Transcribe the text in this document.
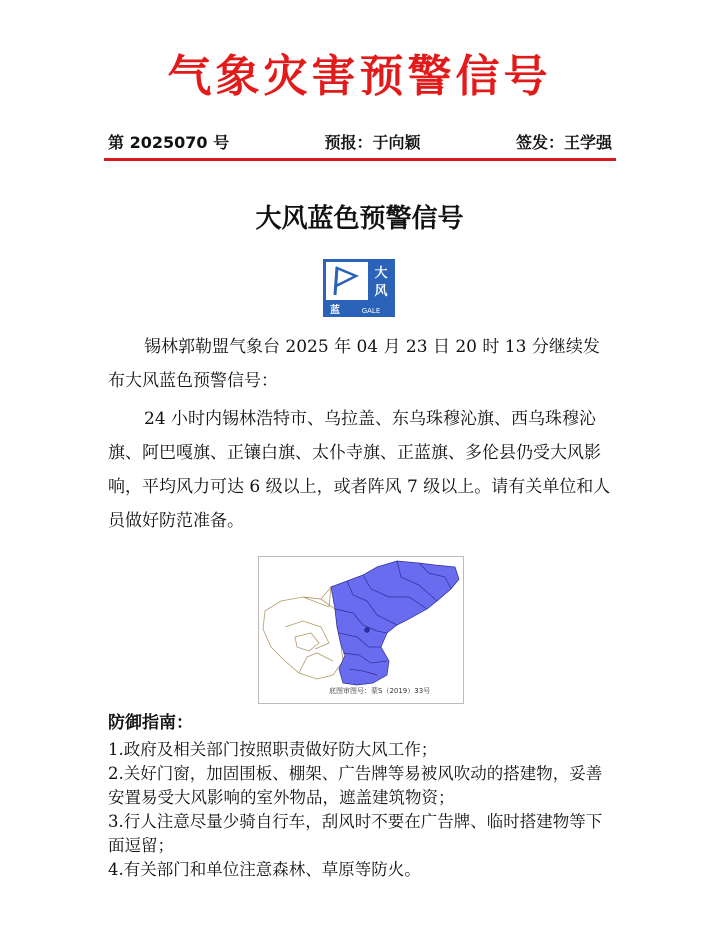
气象灾害预警信号
第 2025070 号	预报：于向颖	签发：王学强
大风蓝色预警信号
大
风
蓝	GALE

锡林郭勒盟气象台 2025 年 04 月 23 日 20 时 13 分继续发布大风蓝色预警信号：

24 小时内锡林浩特市、乌拉盖、东乌珠穆沁旗、西乌珠穆沁旗、阿巴嘎旗、正镶白旗、太仆寺旗、正蓝旗、多伦县仍受大风影响，平均风力可达 6 级以上，或者阵风 7 级以上。请有关单位和人员做好防范准备。

底图审图号：蒙S（2019）33号
防御指南：
1.政府及相关部门按照职责做好防大风工作；
2.关好门窗，加固围板、棚架、广告牌等易被风吹动的搭建物，妥善安置易受大风影响的室外物品，遮盖建筑物资；
3.行人注意尽量少骑自行车，刮风时不要在广告牌、临时搭建物等下面逗留；
4.有关部门和单位注意森林、草原等防火。
